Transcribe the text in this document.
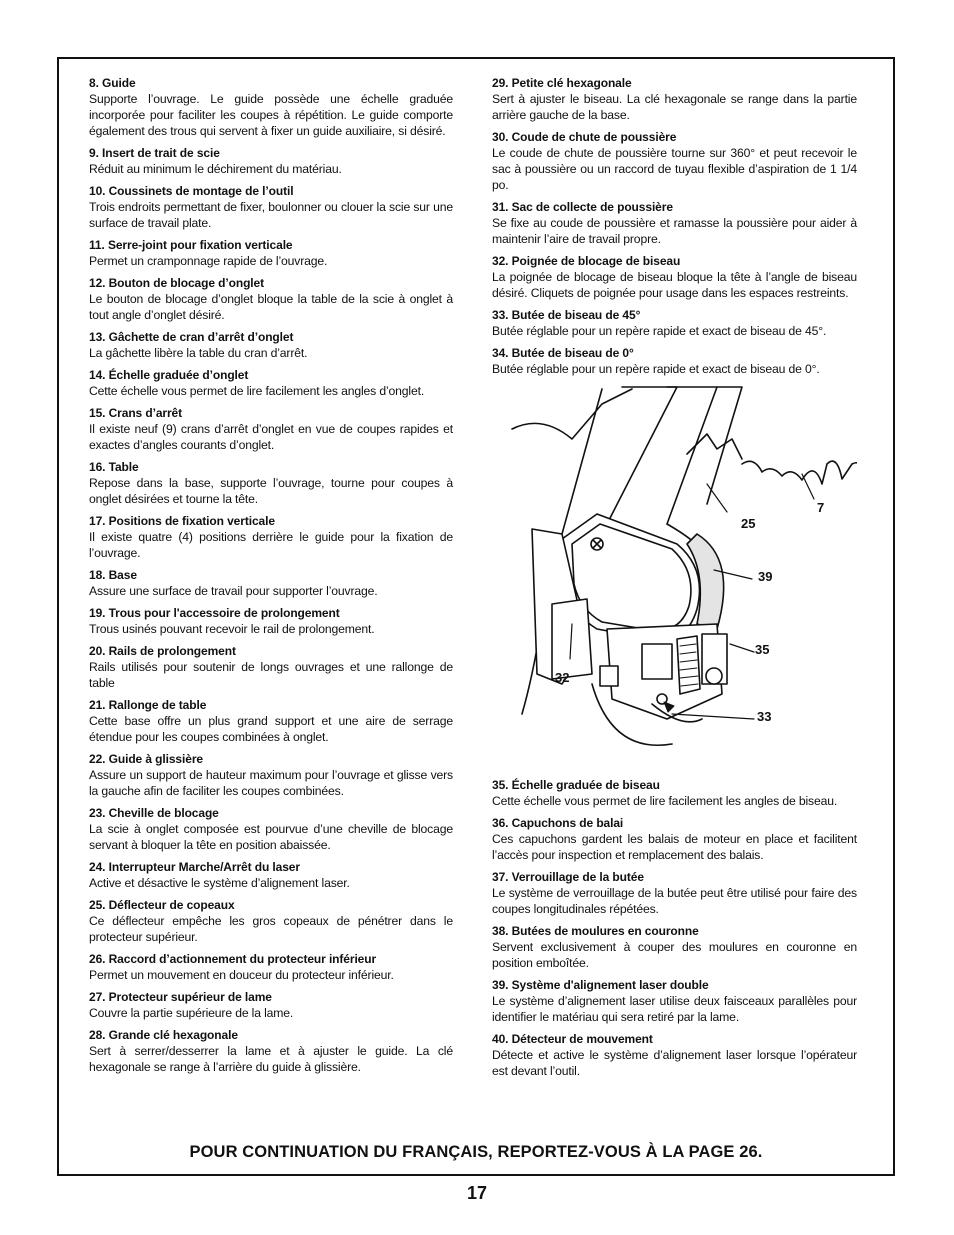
8. Guide
Supporte l’ouvrage. Le guide possède une échelle graduée incorporée pour faciliter les coupes à répétition. Le guide comporte également des trous qui servent à fixer un guide auxiliaire, si désiré.
9. Insert de trait de scie
Réduit au minimum le déchirement du matériau.
10. Coussinets de montage de l’outil
Trois endroits permettant de fixer, boulonner ou clouer la scie sur une surface de travail plate.
11. Serre-joint pour fixation verticale
Permet un cramponnage rapide de l’ouvrage.
12. Bouton de blocage d’onglet
Le bouton de blocage d’onglet bloque la table de la scie à onglet à tout angle d’onglet désiré.
13. Gâchette de cran d’arrêt d’onglet
La gâchette libère la table du cran d’arrêt.
14. Échelle graduée d’onglet
Cette échelle vous permet de lire facilement les angles d’onglet.
15. Crans d’arrêt
Il existe neuf (9) crans d’arrêt d’onglet en vue de coupes rapides et exactes d’angles courants d’onglet.
16. Table
Repose dans la base, supporte l’ouvrage, tourne pour coupes à onglet désirées et tourne la tête.
17. Positions de fixation verticale
Il existe quatre (4) positions derrière le guide pour la fixation de l’ouvrage.
18. Base
Assure une surface de travail pour supporter l’ouvrage.
19. Trous pour l'accessoire de prolongement
Trous usinés pouvant recevoir le rail de prolongement.
20. Rails de prolongement
Rails utilisés pour soutenir de longs ouvrages et une rallonge de table
21. Rallonge de table
Cette base offre un plus grand support et une aire de serrage étendue pour les coupes combinées à onglet.
22. Guide à glissière
Assure un support de hauteur maximum pour l’ouvrage et glisse vers la gauche afin de faciliter les coupes combinées.
23. Cheville de blocage
La scie à onglet composée est pourvue d’une cheville de blocage servant à bloquer la tête en position abaissée.
24. Interrupteur Marche/Arrêt du laser
Active et désactive le système d’alignement laser.
25. Déflecteur de copeaux
Ce déflecteur empêche les gros copeaux de pénétrer dans le protecteur supérieur.
26. Raccord d’actionnement du protecteur inférieur
Permet un mouvement en douceur du protecteur inférieur.
27. Protecteur supérieur de lame
Couvre la partie supérieure de la lame.
28. Grande clé hexagonale
Sert à serrer/desserrer la lame et à ajuster le guide. La clé hexagonale se range à l’arrière du guide à glissière.
29. Petite clé hexagonale
Sert à ajuster le biseau. La clé hexagonale se range dans la partie arrière gauche de la base.
30. Coude de chute de poussière
Le coude de chute de poussière tourne sur 360° et peut recevoir le sac à poussière ou un raccord de tuyau flexible d’aspiration de 1 1/4 po.
31. Sac de collecte de poussière
Se fixe au coude de poussière et ramasse la poussière pour aider à maintenir l’aire de travail propre.
32. Poignée de blocage de biseau
La poignée de blocage de biseau bloque la tête à l’angle de biseau désiré. Cliquets de poignée pour usage dans les espaces restreints.
33. Butée de biseau de 45°
Butée réglable pour un repère rapide et exact de biseau de 45°.
34. Butée de biseau de 0°
Butée réglable pour un repère rapide et exact de biseau de 0°.
7
25
39
35
32
33
35. Échelle graduée de biseau
Cette échelle vous permet de lire facilement les angles de biseau.
36. Capuchons de balai
Ces capuchons gardent les balais de moteur en place et facilitent l’accès pour inspection et remplacement des balais.
37. Verrouillage de la butée
Le système de verrouillage de la butée peut être utilisé pour faire des coupes longitudinales répétées.
38. Butées de moulures en couronne
Servent exclusivement à couper des moulures en couronne en position emboîtée.
39. Système d'alignement laser double
Le système d’alignement laser utilise deux faisceaux parallèles pour identifier le matériau qui sera retiré par la lame.
40. Détecteur de mouvement
Détecte et active le système d’alignement laser lorsque l’opérateur est devant l’outil.
POUR CONTINUATION DU FRANÇAIS, REPORTEZ-VOUS À LA PAGE 26.
17
